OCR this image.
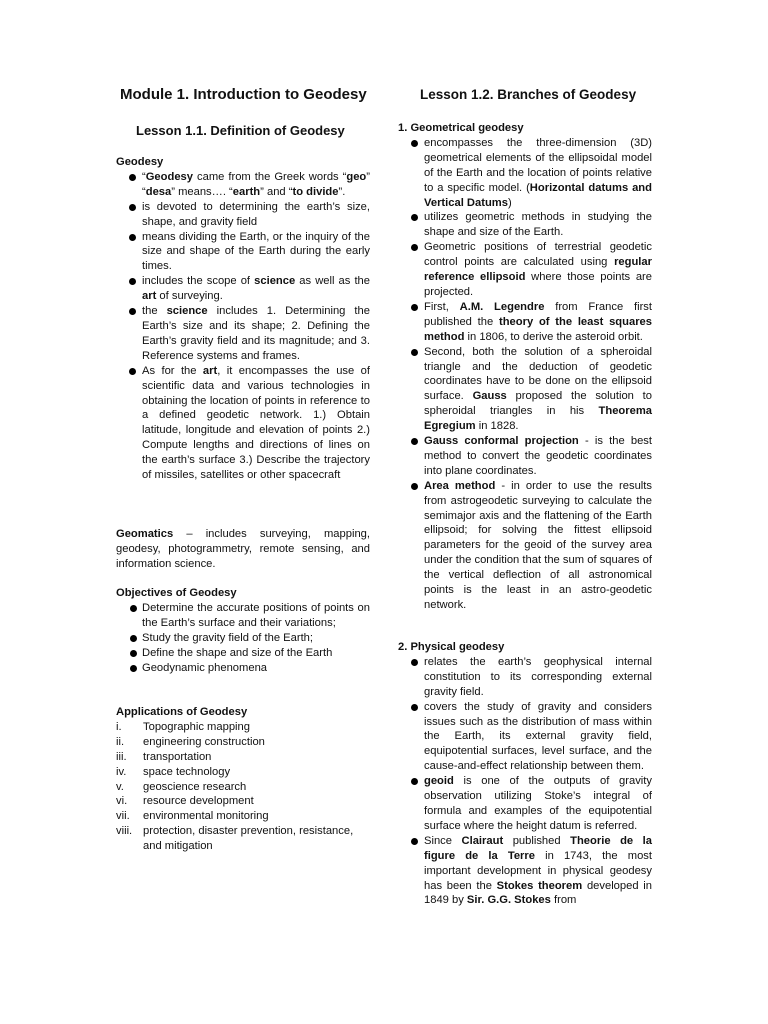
Module 1. Introduction to Geodesy
Lesson 1.1. Definition of Geodesy
Geodesy
“Geodesy came from the Greek words “geo” “desa” means…. “earth” and “to divide”.
is devoted to determining the earth’s size, shape, and gravity field
means dividing the Earth, or the inquiry of the size and shape of the Earth during the early times.
includes the scope of science as well as the art of surveying.
the science includes 1. Determining the Earth’s size and its shape; 2. Defining the Earth’s gravity field and its magnitude; and 3. Reference systems and frames.
As for the art, it encompasses the use of scientific data and various technologies in obtaining the location of points in reference to a defined geodetic network. 1.) Obtain latitude, longitude and elevation of points 2.) Compute lengths and directions of lines on the earth’s surface 3.) Describe the trajectory of missiles, satellites or other spacecraft

Geomatics – includes surveying, mapping, geodesy, photogrammetry, remote sensing, and information science.

Objectives of Geodesy
Determine the accurate positions of points on the Earth’s surface and their variations;
Study the gravity field of the Earth;
Define the shape and size of the Earth
Geodynamic phenomena
Applications of Geodesy
i. Topographic mapping
ii. engineering construction
iii. transportation
iv. space technology
v. geoscience research
vi. resource development
vii. environmental monitoring
viii. protection, disaster prevention, resistance, and mitigation
Lesson 1.2. Branches of Geodesy
1. Geometrical geodesy
encompasses the three-dimension (3D) geometrical elements of the ellipsoidal model of the Earth and the location of points relative to a specific model. (Horizontal datums and Vertical Datums)
utilizes geometric methods in studying the shape and size of the Earth.
Geometric positions of terrestrial geodetic control points are calculated using regular reference ellipsoid where those points are projected.
First, A.M. Legendre from France first published the theory of the least squares method in 1806, to derive the asteroid orbit.
Second, both the solution of a spheroidal triangle and the deduction of geodetic coordinates have to be done on the ellipsoid surface. Gauss proposed the solution to spheroidal triangles in his Theorema Egregium in 1828.
Gauss conformal projection - is the best method to convert the geodetic coordinates into plane coordinates.
Area method - in order to use the results from astrogeodetic surveying to calculate the semimajor axis and the flattening of the Earth ellipsoid; for solving the fittest ellipsoid parameters for the geoid of the survey area under the condition that the sum of squares of the vertical deflection of all astronomical points is the least in an astro-geodetic network.
2. Physical geodesy
relates the earth’s geophysical internal constitution to its corresponding external gravity field.
covers the study of gravity and considers issues such as the distribution of mass within the Earth, its external gravity field, equipotential surfaces, level surface, and the cause-and-effect relationship between them.
geoid is one of the outputs of gravity observation utilizing Stoke’s integral of formula and examples of the equipotential surface where the height datum is referred.
Since Clairaut published Theorie de la figure de la Terre in 1743, the most important development in physical geodesy has been the Stokes theorem developed in 1849 by Sir. G.G. Stokes from
